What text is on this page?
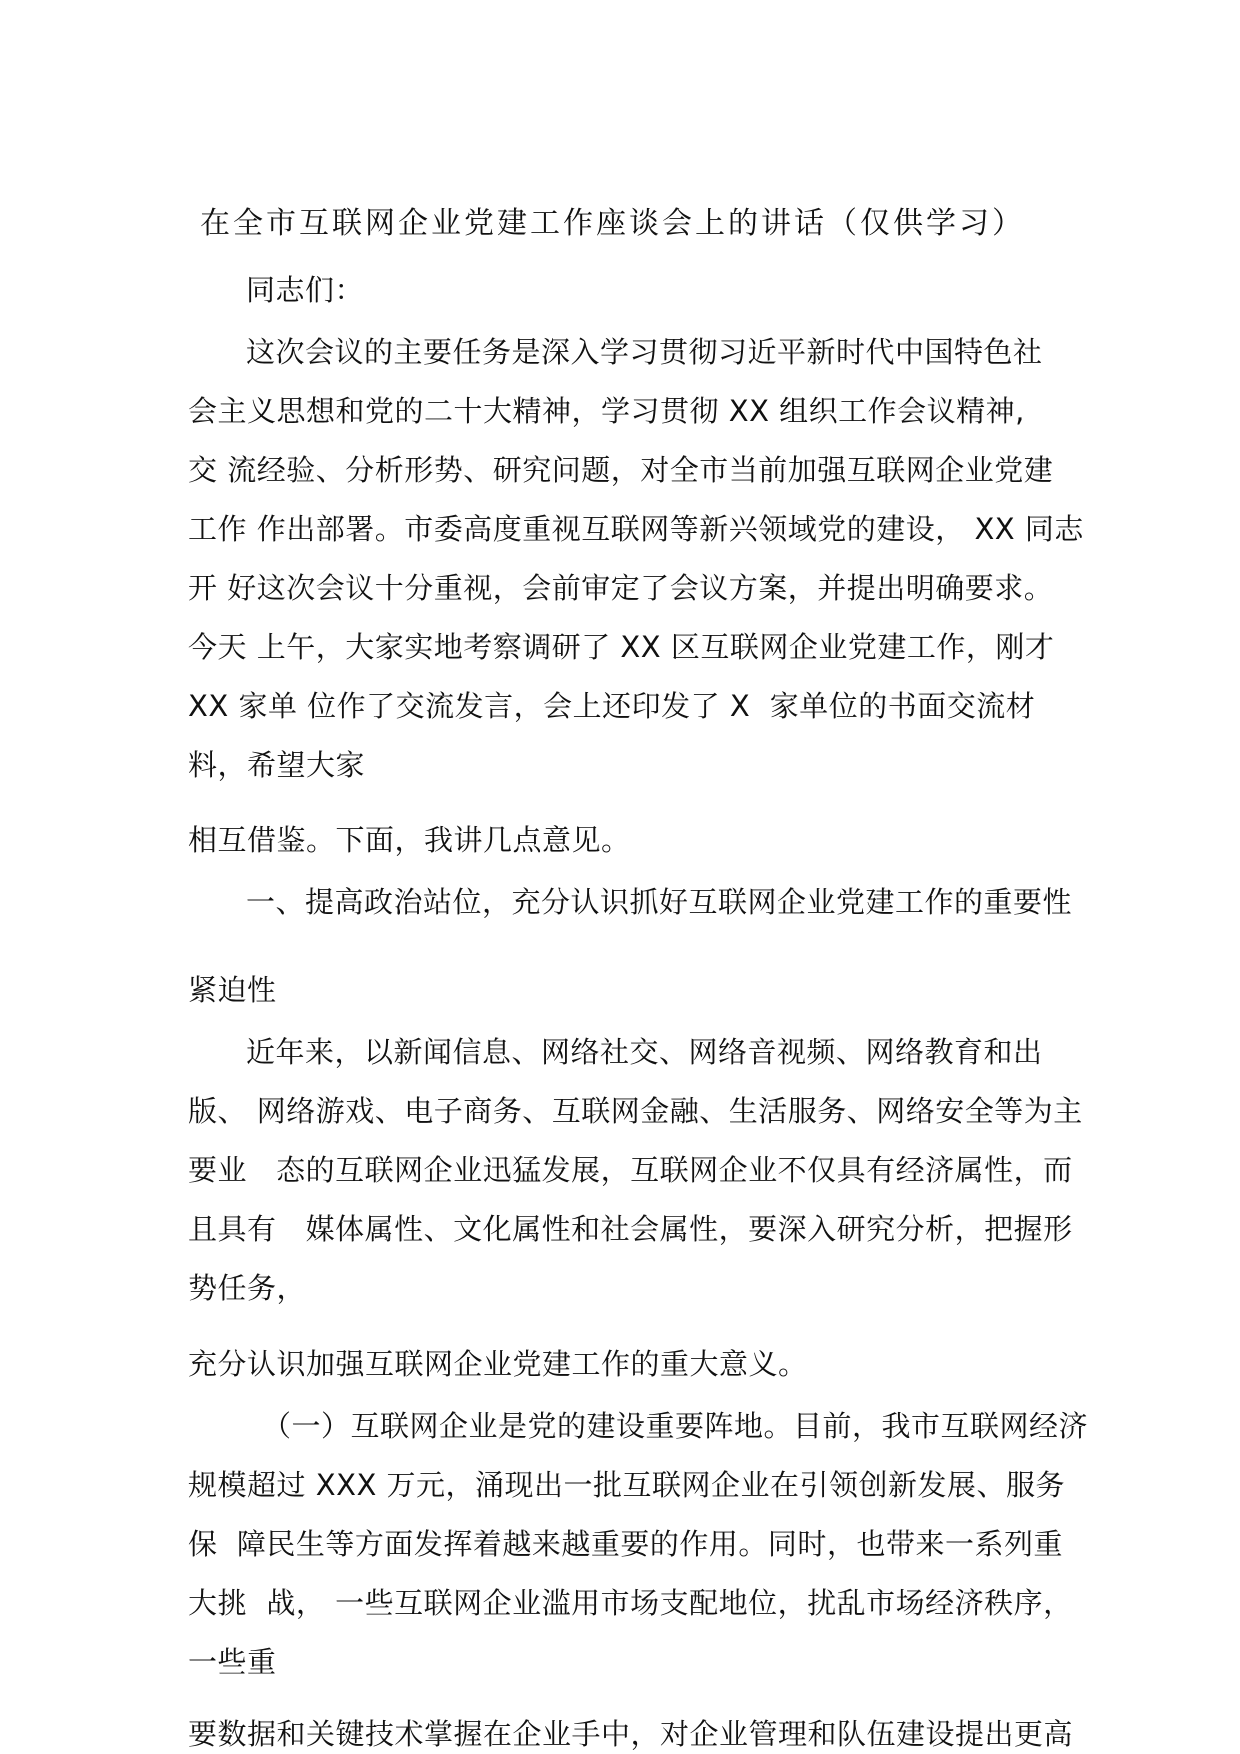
在全市互联网企业党建工作座谈会上的讲话（仅供学习）
同志们：
这次会议的主要任务是深入学习贯彻习近平新时代中国特色社
会主义思想和党的二十大精神，学习贯彻 XX 组织工作会议精神,
交 流经验、分析形势、研究问题，对全市当前加强互联网企业党建
工作 作出部署。市委高度重视互联网等新兴领域党的建设， XX 同志
开 好这次会议十分重视，会前审定了会议方案，并提出明确要求。
今天 上午，大家实地考察调研了 XX 区互联网企业党建工作，刚才
XX 家单 位作了交流发言，会上还印发了 X  家单位的书面交流材
料，希望大家
相互借鉴。下面，我讲几点意见。
一、提高政治站位，充分认识抓好互联网企业党建工作的重要性
紧迫性
近年来，以新闻信息、网络社交、网络音视频、网络教育和出
版、 网络游戏、电子商务、互联网金融、生活服务、网络安全等为主
要业   态的互联网企业迅猛发展，互联网企业不仅具有经济属性，而
且具有   媒体属性、文化属性和社会属性，要深入研究分析，把握形
势任务，
充分认识加强互联网企业党建工作的重大意义。
（一）互联网企业是党的建设重要阵地。目前，我市互联网经济
规模超过 XXX 万元，涌现出一批互联网企业在引领创新发展、服务
保  障民生等方面发挥着越来越重要的作用。同时，也带来一系列重
大挑  战， 一些互联网企业滥用市场支配地位，扰乱市场经济秩序，
一些重
要数据和关键技术掌握在企业手中，对企业管理和队伍建设提出更高
